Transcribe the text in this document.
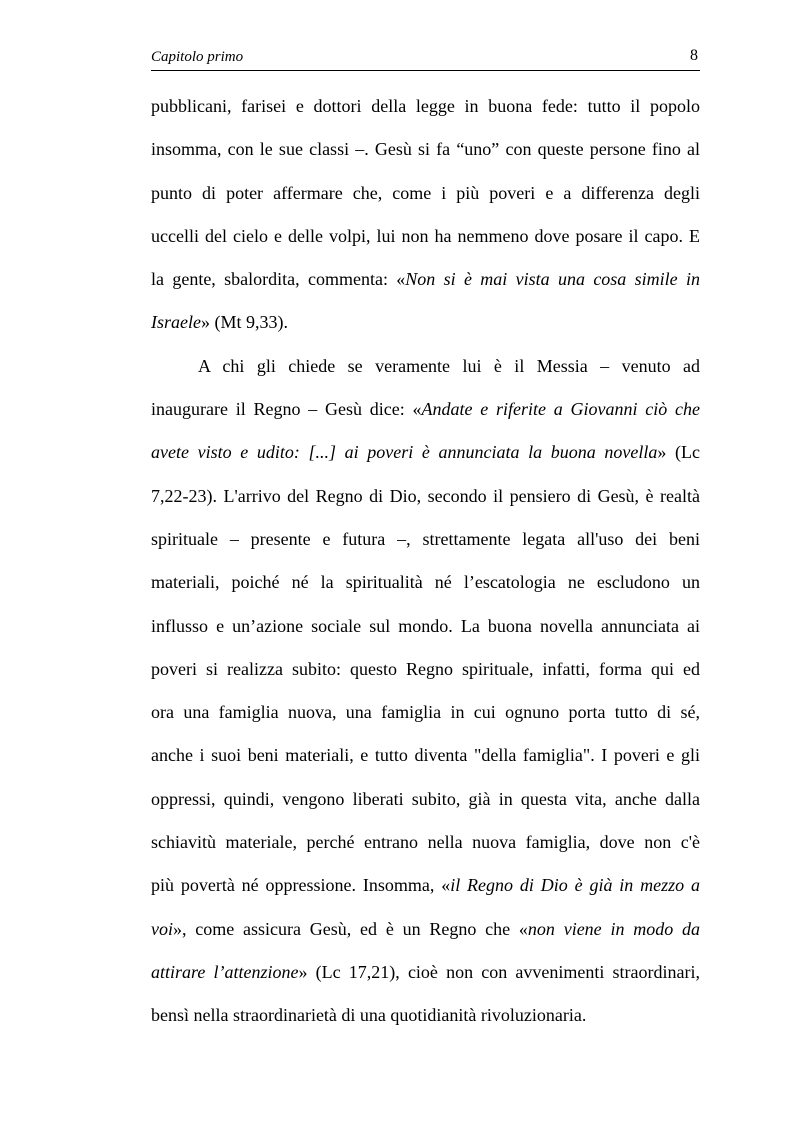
Capitolo primo	8
pubblicani, farisei e dottori della legge in buona fede: tutto il popolo
insomma, con le sue classi –. Gesù si fa “uno” con queste persone fino al
punto di poter affermare che, come i più poveri e a differenza degli
uccelli del cielo e delle volpi, lui non ha nemmeno dove posare il capo. E
la gente, sbalordita, commenta: «Non si è mai vista una cosa simile in
Israele» (Mt 9,33).
A chi gli chiede se veramente lui è il Messia – venuto ad
inaugurare il Regno – Gesù dice: «Andate e riferite a Giovanni ciò che
avete visto e udito: [...] ai poveri è annunciata la buona novella» (Lc
7,22-23). L'arrivo del Regno di Dio, secondo il pensiero di Gesù, è realtà
spirituale – presente e futura –, strettamente legata all'uso dei beni
materiali, poiché né la spiritualità né l’escatologia ne escludono un
influsso e un’azione sociale sul mondo. La buona novella annunciata ai
poveri si realizza subito: questo Regno spirituale, infatti, forma qui ed
ora una famiglia nuova, una famiglia in cui ognuno porta tutto di sé,
anche i suoi beni materiali, e tutto diventa "della famiglia". I poveri e gli
oppressi, quindi, vengono liberati subito, già in questa vita, anche dalla
schiavitù materiale, perché entrano nella nuova famiglia, dove non c'è
più povertà né oppressione. Insomma, «il Regno di Dio è già in mezzo a
voi», come assicura Gesù, ed è un Regno che «non viene in modo da
attirare l’attenzione» (Lc 17,21), cioè non con avvenimenti straordinari,
bensì nella straordinarietà di una quotidianità rivoluzionaria.
